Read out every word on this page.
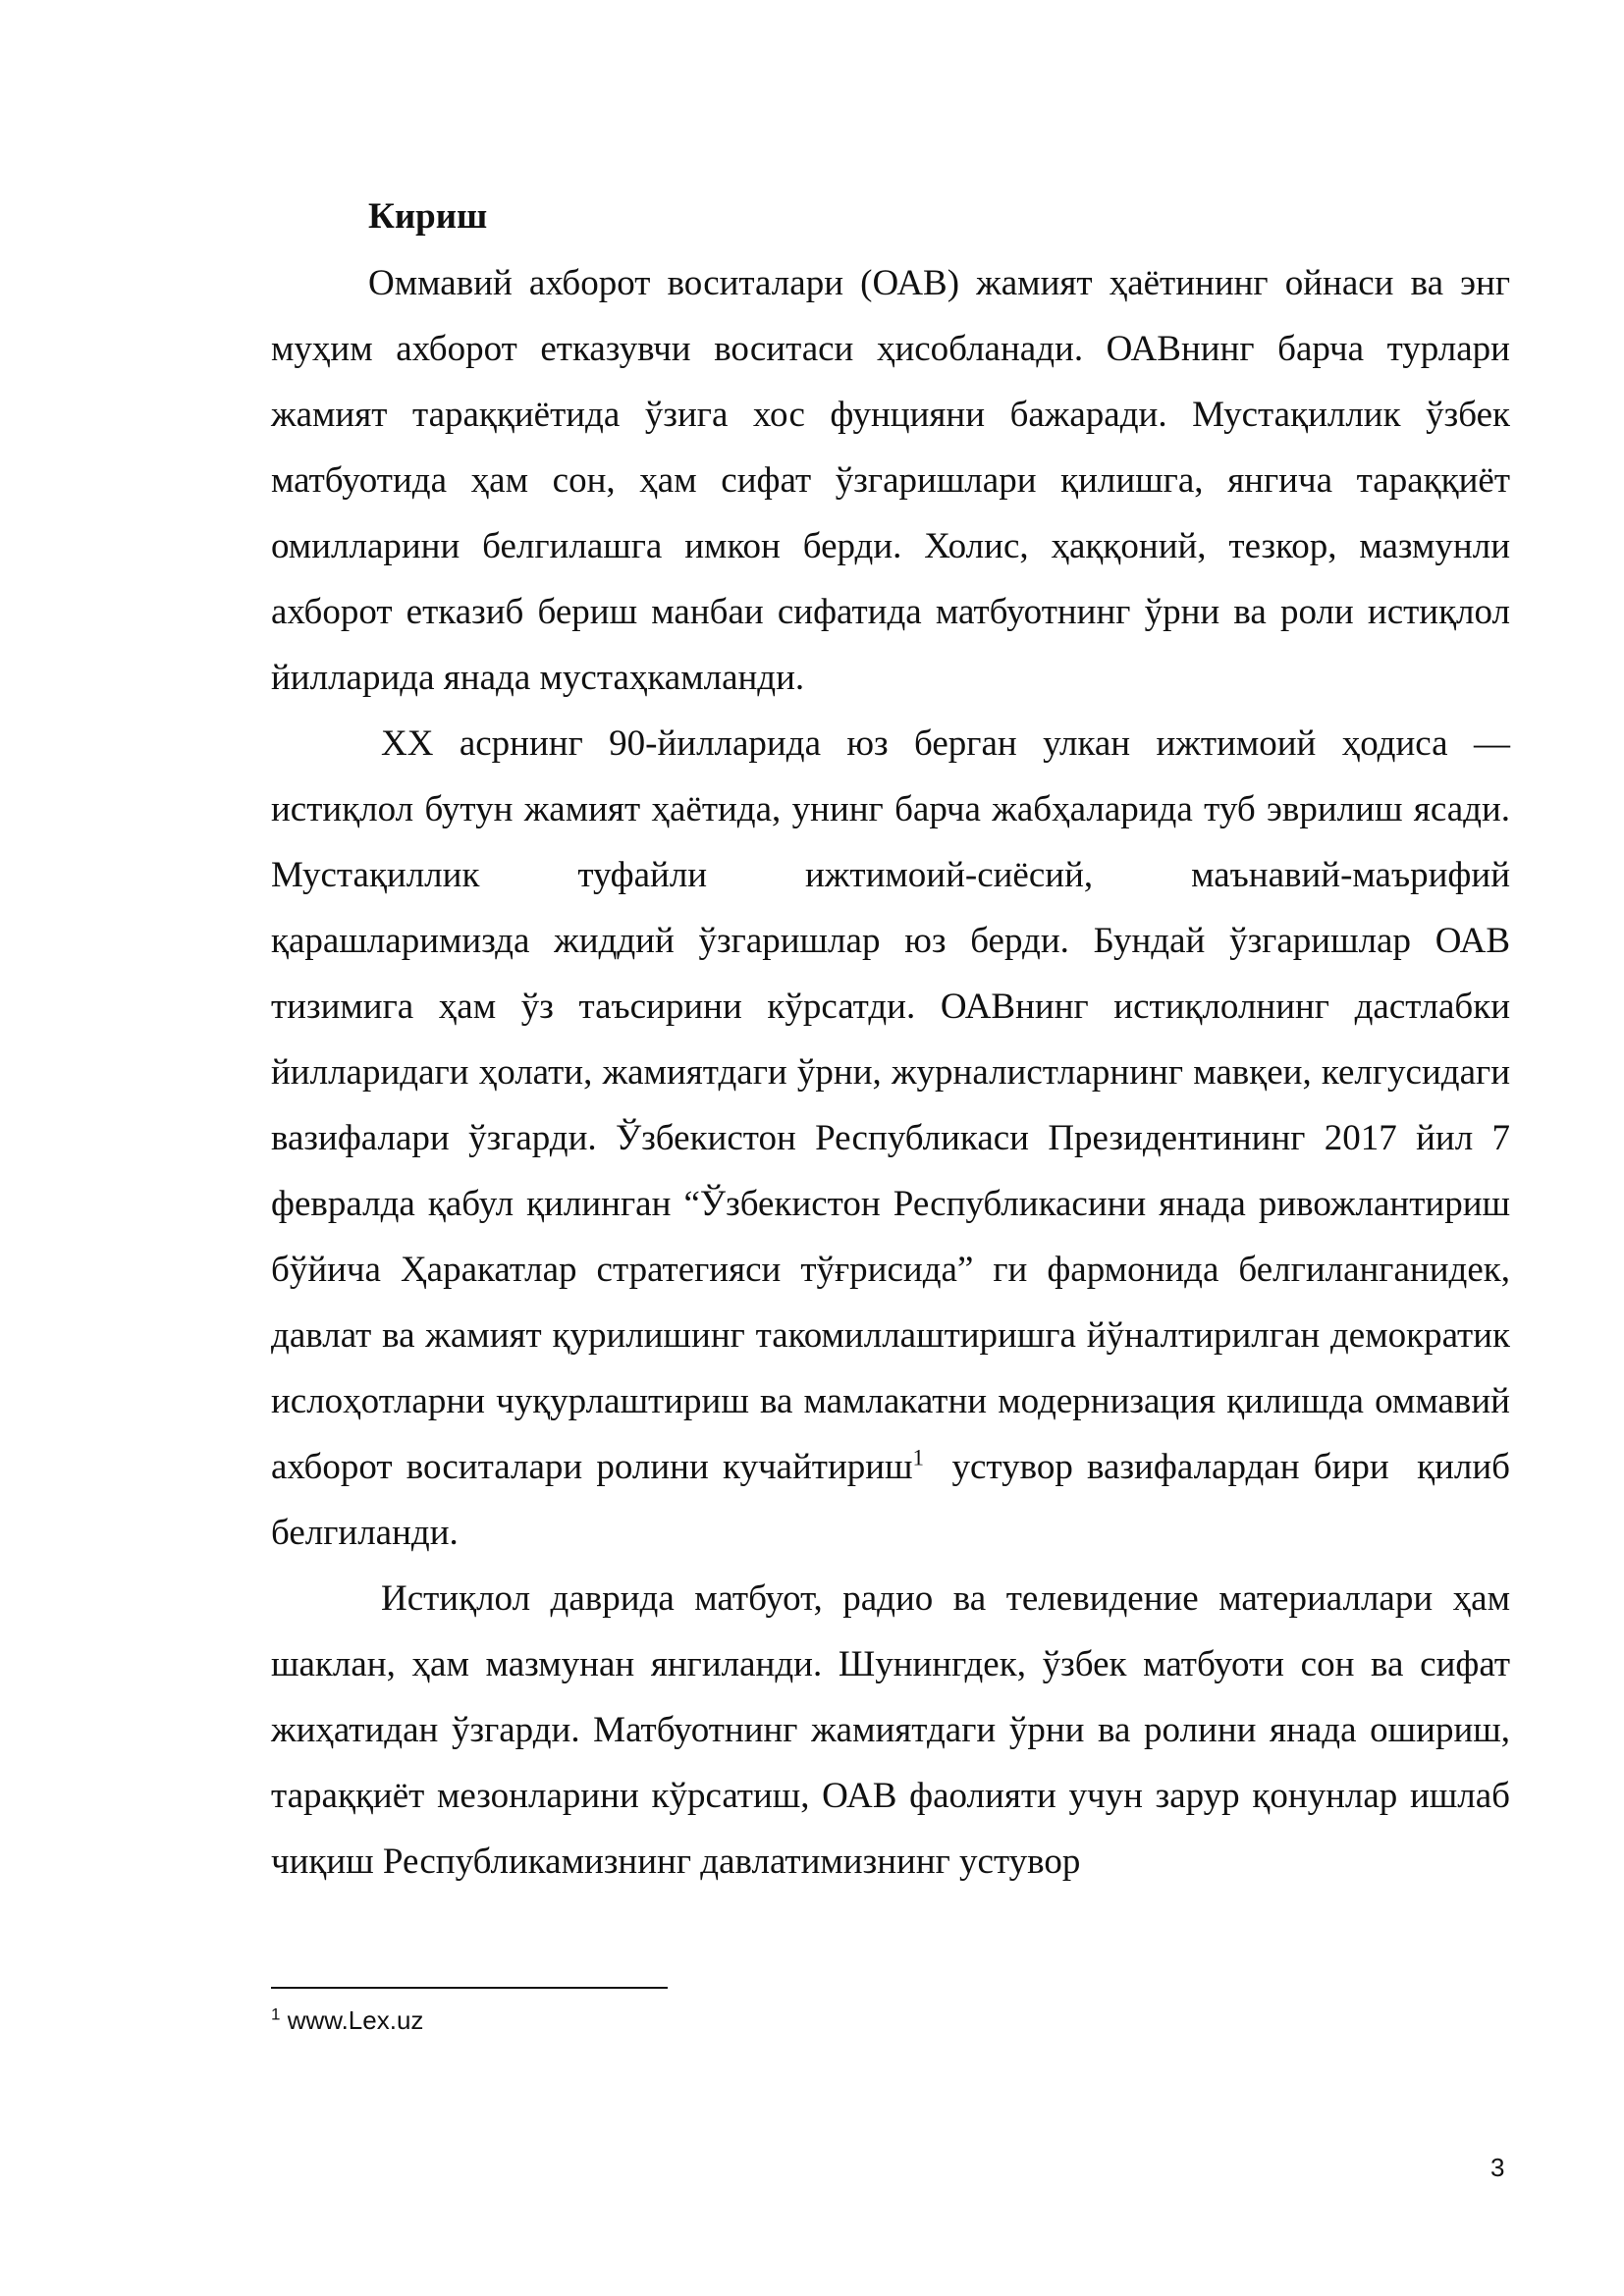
Кириш

Оммавий ахборот воситалари (ОАВ) жамият ҳаётининг ойнаси ва энг муҳим ахборот етказувчи воситаси ҳисобланади. ОАВнинг барча турлари жамият тараққиётида ўзига хос фунцияни бажаради. Мустақиллик ўзбек матбуотида ҳам сон, ҳам сифат ўзгаришлари қилишга, янгича тараққиёт омилларини белгилашга имкон берди. Холис, ҳаққоний, тезкор, мазмунли ахборот етказиб бериш манбаи сифатида матбуотнинг ўрни ва роли истиқлол йилларида янада мустаҳкамланди.

ХХ асрнинг 90-йилларида юз берган улкан ижтимоий ҳодиса — истиқлол бутун жамият ҳаётида, унинг барча жабҳаларида туб эврилиш ясади. Мустақиллик туфайли ижтимоий-сиёсий, маънавий-маърифий қарашларимизда жиддий ўзгаришлар юз берди. Бундай ўзгаришлар ОАВ тизимига ҳам ўз таъсирини кўрсатди. ОАВнинг истиқлолнинг дастлабки йилларидаги ҳолати, жамиятдаги ўрни, журналистларнинг мавқеи, келгусидаги вазифалари ўзгарди. Ўзбекистон Республикаси Президентининг 2017 йил 7 февралда қабул қилинган “Ўзбекистон Республикасини янада ривожлантириш бўйича Ҳаракатлар стратегияси тўғрисида” ги фармонида белгиланганидек, давлат ва жамият қурилишинг такомиллаштиришга йўналтирилган демократик ислоҳотларни чуқурлаштириш ва мамлакатни модернизация қилишда оммавий ахборот воситалари ролини кучайтириш$^1$  устувор вазифалардан бири  қилиб белгиланди.

Истиқлол даврида матбуот, радио ва телевидение материаллари ҳам шаклан, ҳам мазмунан янгиланди. Шунингдек, ўзбек матбуоти сон ва сифат жиҳатидан ўзгарди. Матбуотнинг жамиятдаги ўрни ва ролини янада ошириш, тараққиёт мезонларини кўрсатиш, ОАВ фаолияти учун зарур қонунлар ишлаб чиқиш Республикамизнинг давлатимизнинг устувор

$^1$ www.Lex.uz
3
